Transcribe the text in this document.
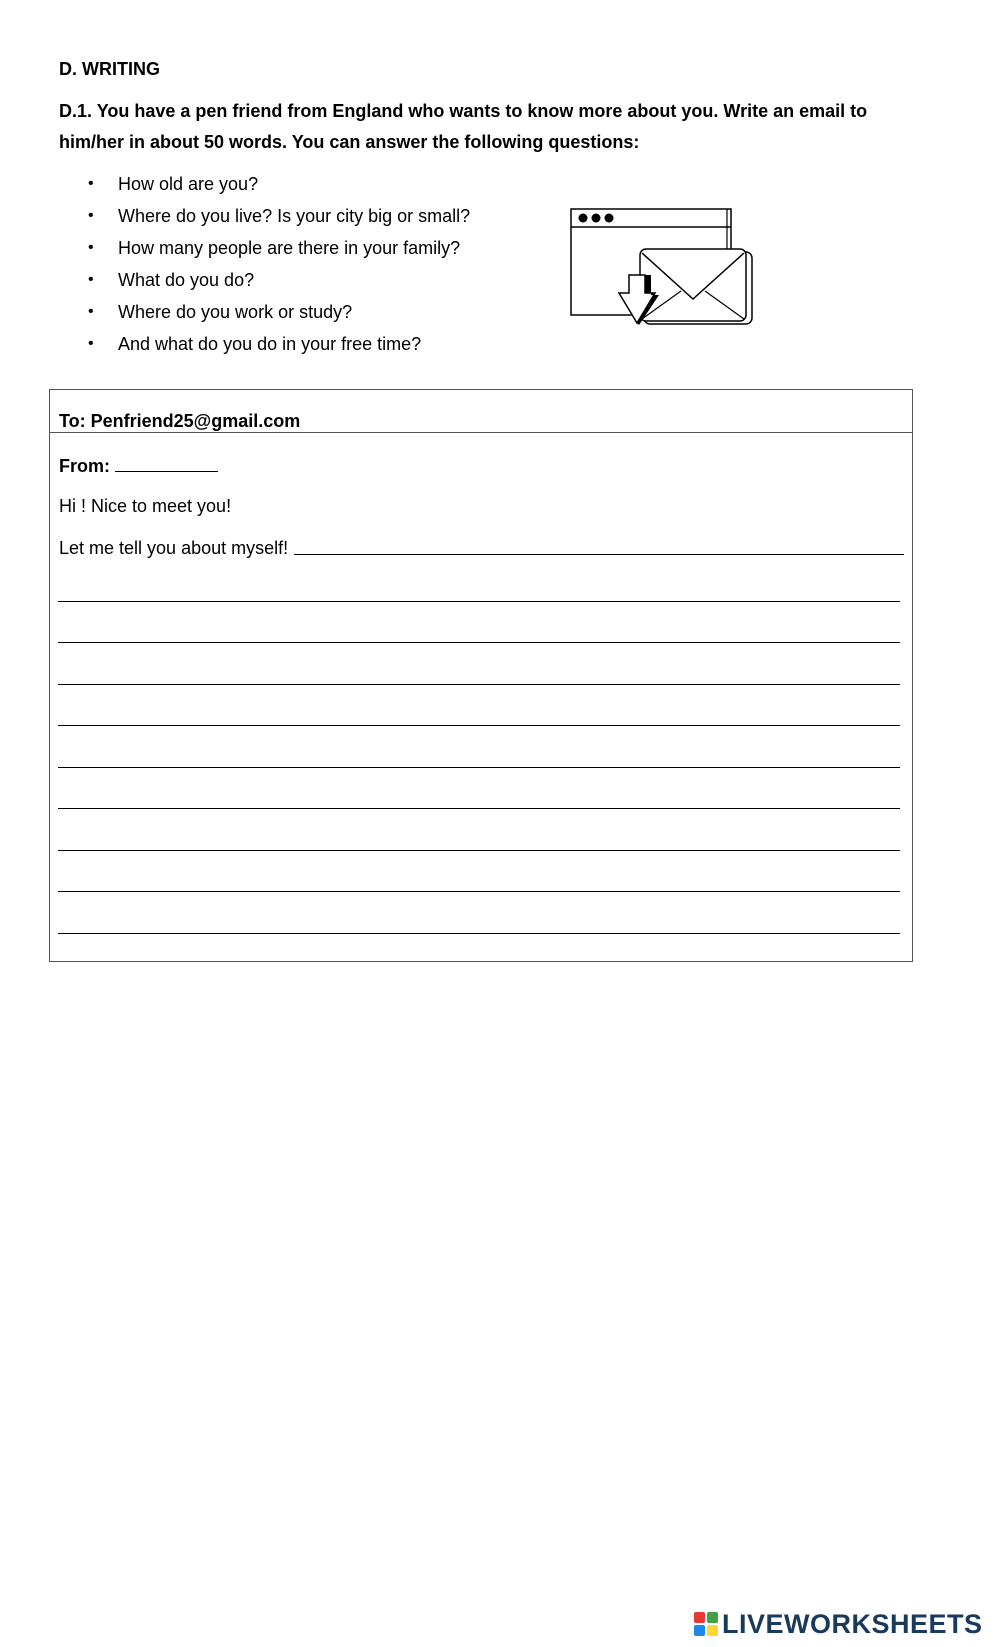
D. WRITING
D.1. You have a pen friend from England who wants to know more about you. Write an email to him/her in about 50 words. You can answer the following questions:
• How old are you?
• Where do you live? Is your city big or small?
• How many people are there in your family?
• What do you do?
• Where do you work or study?
• And what do you do in your free time?
To: Penfriend25@gmail.com
From:
Hi ! Nice to meet you!
Let me tell you about myself!
LIVEWORKSHEETS
